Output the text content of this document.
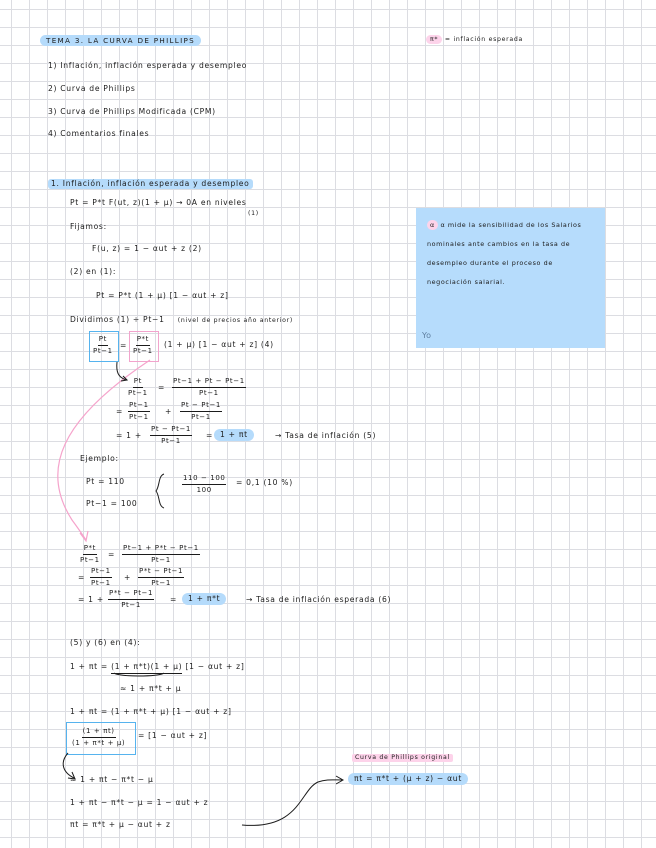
TEMA 3. LA CURVA DE PHILLIPS	π* = inflación esperada
1) Inflación, inflación esperada y desempleo
2) Curva de Phillips
3) Curva de Phillips Modificada (CPM)
4) Comentarios finales
1. Inflación, inflación esperada y desempleo
Pt = P*t F(ut, z)(1 + μ) → 0A en niveles
(1)
Fijamos:
F(u, z) = 1 − αut + z (2)
(2) en (1):
Pt = P*t (1 + μ) [1 − αut + z]
Dividimos (1) ÷ Pt−1 (nivel de precios año anterior)
$\frac{Pt}{Pt-1} = \frac{P*t}{Pt-1} (1 + \mu) [1 - \alpha ut + z]$ (4)
$\frac{Pt}{Pt-1} = \frac{Pt-1 + Pt - Pt-1}{Pt-1}$
= $\frac{Pt-1}{Pt-1} + \frac{Pt - Pt-1}{Pt-1}$
= $1 + \frac{Pt - Pt-1}{Pt-1} = 1 + \pi t$	→ Tasa de inflación (5)
Ejemplo:
Pt = 110
Pt−1 = 100
$\frac{110 - 100}{100} = 0,1$ (10 %)
$\frac{P*t}{Pt-1} = \frac{Pt-1 + P*t - Pt-1}{Pt-1}$
= $\frac{Pt-1}{Pt-1} + \frac{P*t - Pt-1}{Pt-1}$
= $1 + \frac{P*t - Pt-1}{Pt-1}$ =	1 + π*t	→ Tasa de inflación esperada (6)
(5) y (6) en (4):
1 + πt = (1 + π*t)(1 + μ) [1 − αut + z]
≈ 1 + π*t + μ
1 + πt = (1 + π*t + μ) [1 − αut + z]
$\frac{(1 + \pi t)}{(1 + \pi*t + \mu)} = [1 - \alpha ut + z]$
≈ 1 + πt − π*t − μ
1 + πt − π*t − μ = 1 − αut + z
πt = π*t + μ − αut + z
Curva de Phillips original
πt = π*t + (μ + z) − αut
α α mide la sensibilidad de los Salarios nominales ante cambios en la tasa de desempleo durante el proceso de negociación salarial.
Yo
